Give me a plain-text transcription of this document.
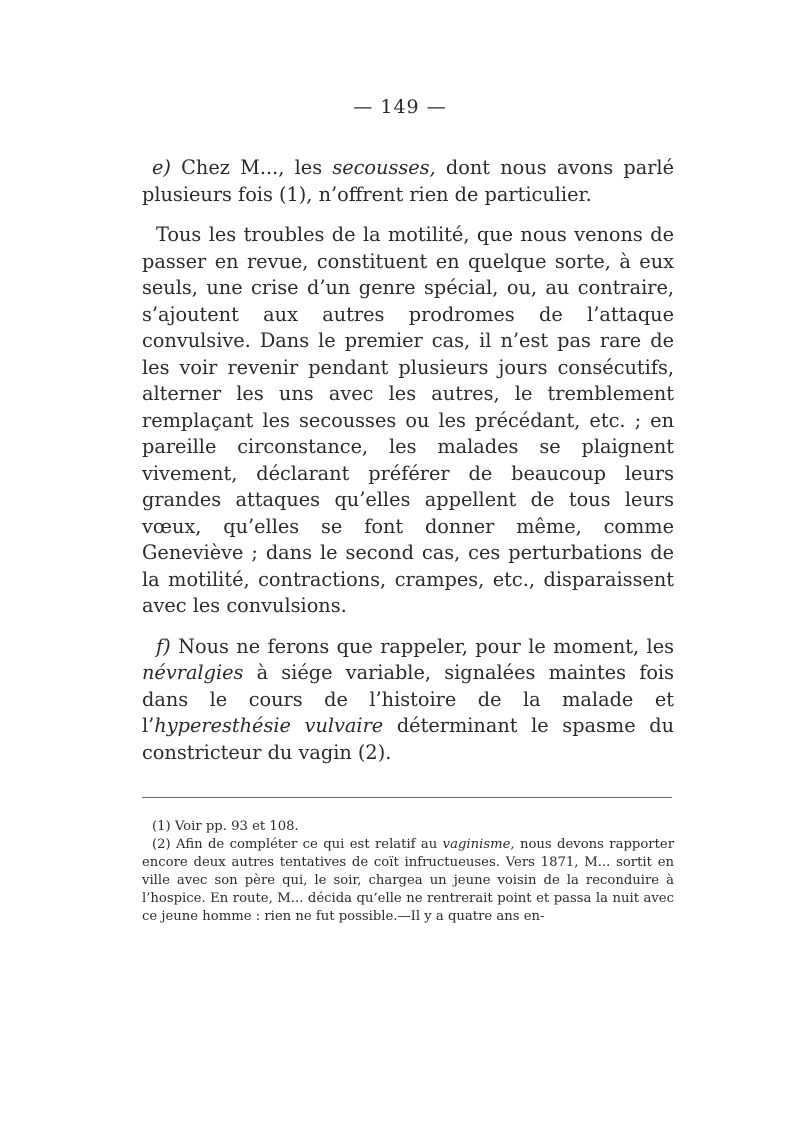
— 149 —

e) Chez M..., les secousses, dont nous avons parlé plusieurs fois (1), n’offrent rien de particulier.

Tous les troubles de la motilité, que nous venons de passer en revue, constituent en quelque sorte, à eux seuls, une crise d’un genre spécial, ou, au contraire, s’ajoutent aux autres prodromes de l’attaque convulsive. Dans le premier cas, il n’est pas rare de les voir revenir pendant plusieurs jours consécutifs, alterner les uns avec les autres, le tremblement remplaçant les secousses ou les précédant, etc. ; en pareille circonstance, les malades se plaignent vivement, déclarant préférer de beaucoup leurs grandes attaques qu’elles appellent de tous leurs vœux, qu’elles se font donner même, comme Geneviève ; dans le second cas, ces perturbations de la motilité, contractions, crampes, etc., disparaissent avec les convulsions.

f) Nous ne ferons que rappeler, pour le moment, les névralgies à siége variable, signalées maintes fois dans le cours de l’histoire de la malade et l’hyperesthésie vulvaire déterminant le spasme du constricteur du vagin (2).

(1) Voir pp. 93 et 108.

(2) Afin de compléter ce qui est relatif au vaginisme, nous devons rapporter encore deux autres tentatives de coït infructueuses. Vers 1871, M... sortit en ville avec son père qui, le soir, chargea un jeune voisin de la reconduire à l’hospice. En route, M... décida qu’elle ne rentrerait point et passa la nuit avec ce jeune homme : rien ne fut possible.—Il y a quatre ans en-
